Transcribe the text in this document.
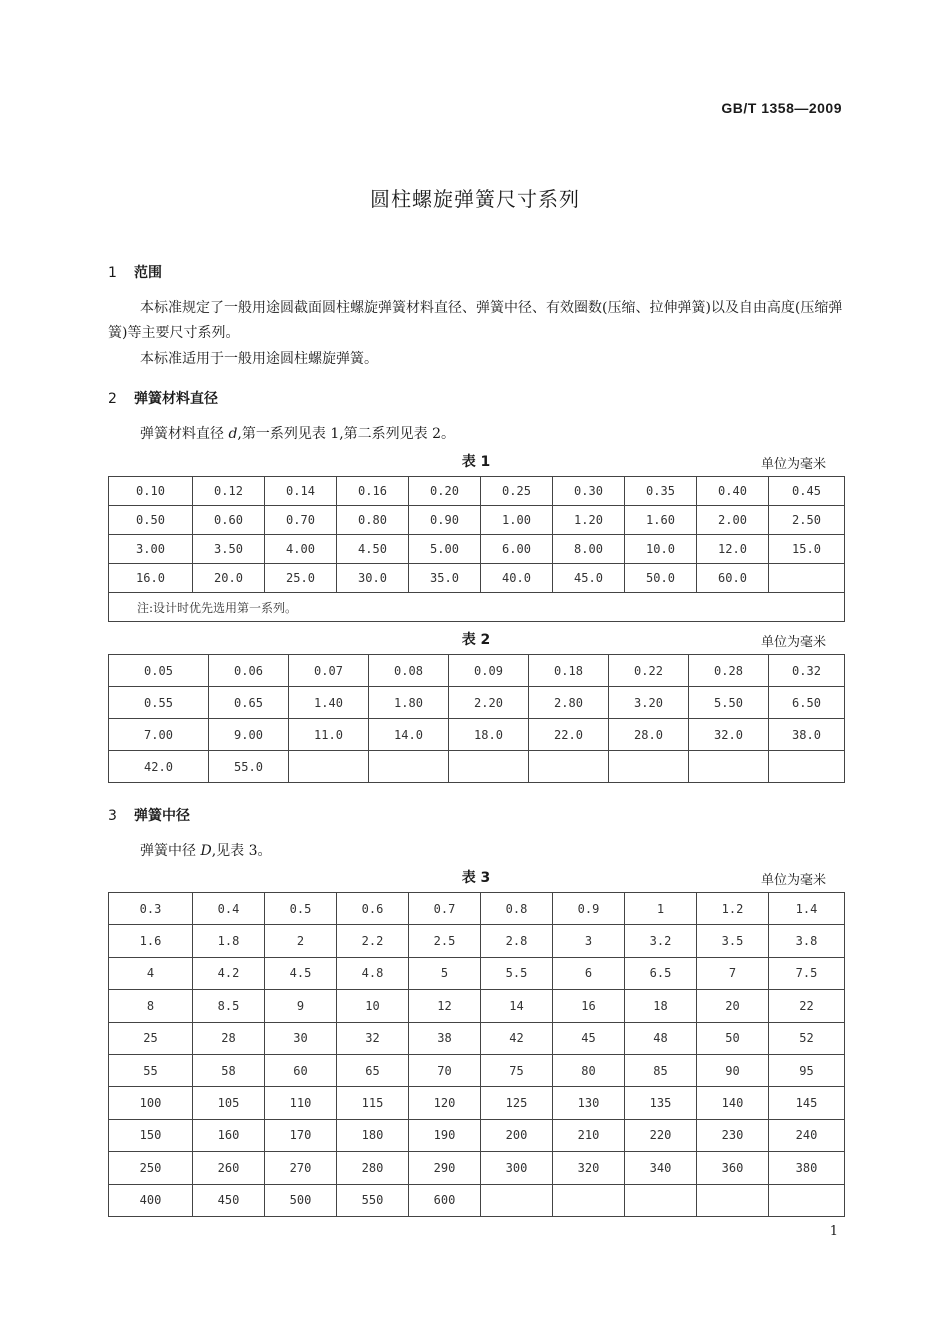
GB/T 1358—2009
圆柱螺旋弹簧尺寸系列
1 范围
本标准规定了一般用途圆截面圆柱螺旋弹簧材料直径、弹簧中径、有效圈数(压缩、拉伸弹簧)以及自由高度(压缩弹簧)等主要尺寸系列。
本标准适用于一般用途圆柱螺旋弹簧。
2 弹簧材料直径
弹簧材料直径 d,第一系列见表 1,第二系列见表 2。
表 1	单位为毫米
0.10	0.12	0.14	0.16	0.20	0.25	0.30	0.35	0.40	0.45
0.50	0.60	0.70	0.80	0.90	1.00	1.20	1.60	2.00	2.50
3.00	3.50	4.00	4.50	5.00	6.00	8.00	10.0	12.0	15.0
16.0	20.0	25.0	30.0	35.0	40.0	45.0	50.0	60.0	
注:设计时优先选用第一系列。									
表 2	单位为毫米
0.05	0.06	0.07	0.08	0.09	0.18	0.22	0.28	0.32
0.55	0.65	1.40	1.80	2.20	2.80	3.20	5.50	6.50
7.00	9.00	11.0	14.0	18.0	22.0	28.0	32.0	38.0
42.0	55.0							
3 弹簧中径
弹簧中径 D,见表 3。
表 3	单位为毫米
0.3	0.4	0.5	0.6	0.7	0.8	0.9	1	1.2	1.4
1.6	1.8	2	2.2	2.5	2.8	3	3.2	3.5	3.8
4	4.2	4.5	4.8	5	5.5	6	6.5	7	7.5
8	8.5	9	10	12	14	16	18	20	22
25	28	30	32	38	42	45	48	50	52
55	58	60	65	70	75	80	85	90	95
100	105	110	115	120	125	130	135	140	145
150	160	170	180	190	200	210	220	230	240
250	260	270	280	290	300	320	340	360	380
400	450	500	550	600					
1
